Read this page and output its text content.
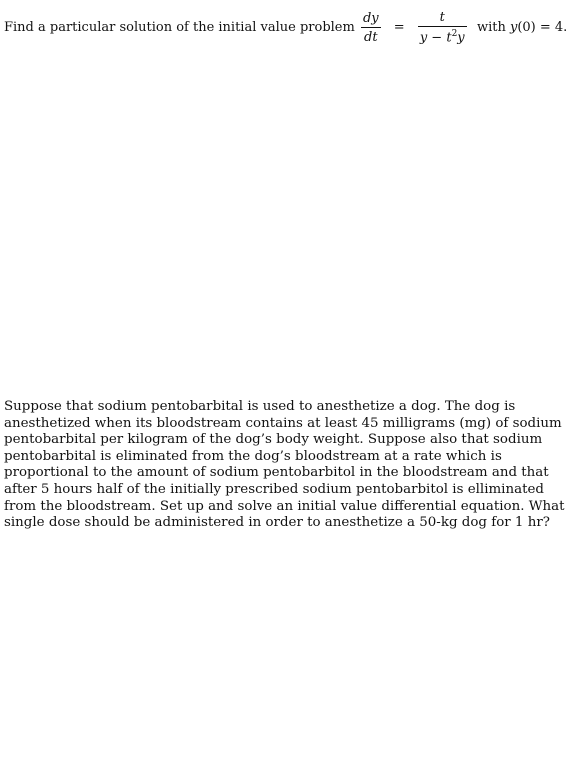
Find a particular solution of the initial value problem $\frac{dy}{dt} = \frac{t}{y - t^2y}$ with y(0) = 4.
Suppose that sodium pentobarbital is used to anesthetize a dog. The dog is anesthetized when its bloodstream contains at least 45 milligrams (mg) of sodium pentobarbital per kilogram of the dog’s body weight. Suppose also that sodium pentobarbital is eliminated from the dog’s bloodstream at a rate which is proportional to the amount of sodium pentobarbitol in the bloodstream and that after 5 hours half of the initially prescribed sodium pentobarbitol is elliminated from the bloodstream. Set up and solve an initial value differential equation. What single dose should be administered in order to anesthetize a 50-kg dog for 1 hr?
